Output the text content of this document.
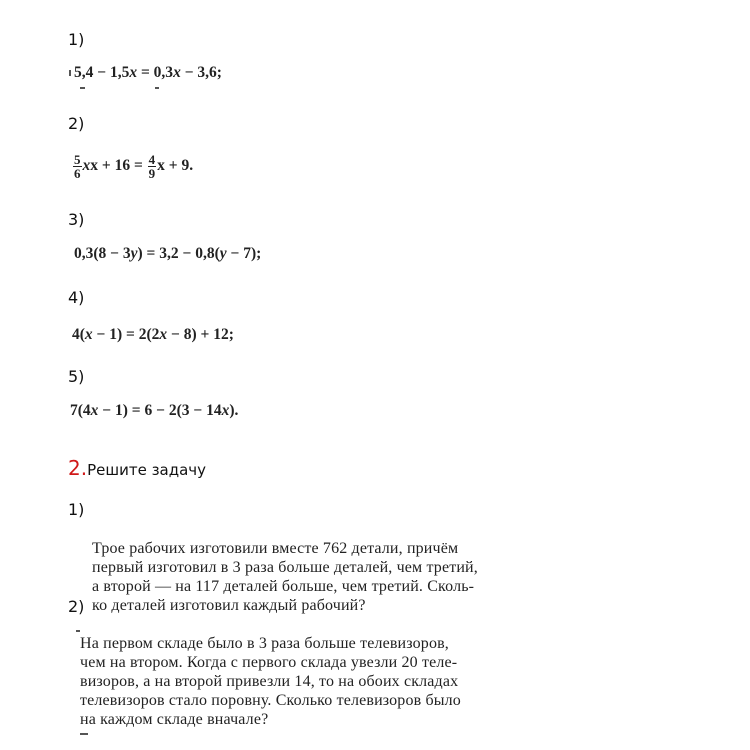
1)
5,4 − 1,5x = 0,3x − 3,6;
2)
$\frac{5}{6}$ xx + $16 = \frac{4}{9}$ x + 9.
3)
0,3(8 − 3y) = 3,2 − 0,8(y − 7);
4)
4(x − 1) = 2(2x − 8) + 12;
5)
7(4x − 1) = 6 − 2(3 − 14x).
2.Решите задачу
1)
Трое рабочих изготовили вместе 762 детали, причём
первый изготовил в 3 раза больше деталей, чем третий,
а второй — на 117 деталей больше, чем третий. Сколь-
ко деталей изготовил каждый рабочий?
2)
На первом складе было в 3 раза больше телевизоров,
чем на втором. Когда с первого склада увезли 20 теле-
визоров, а на второй привезли 14, то на обоих складах
телевизоров стало поровну. Сколько телевизоров было
на каждом складе вначале?
